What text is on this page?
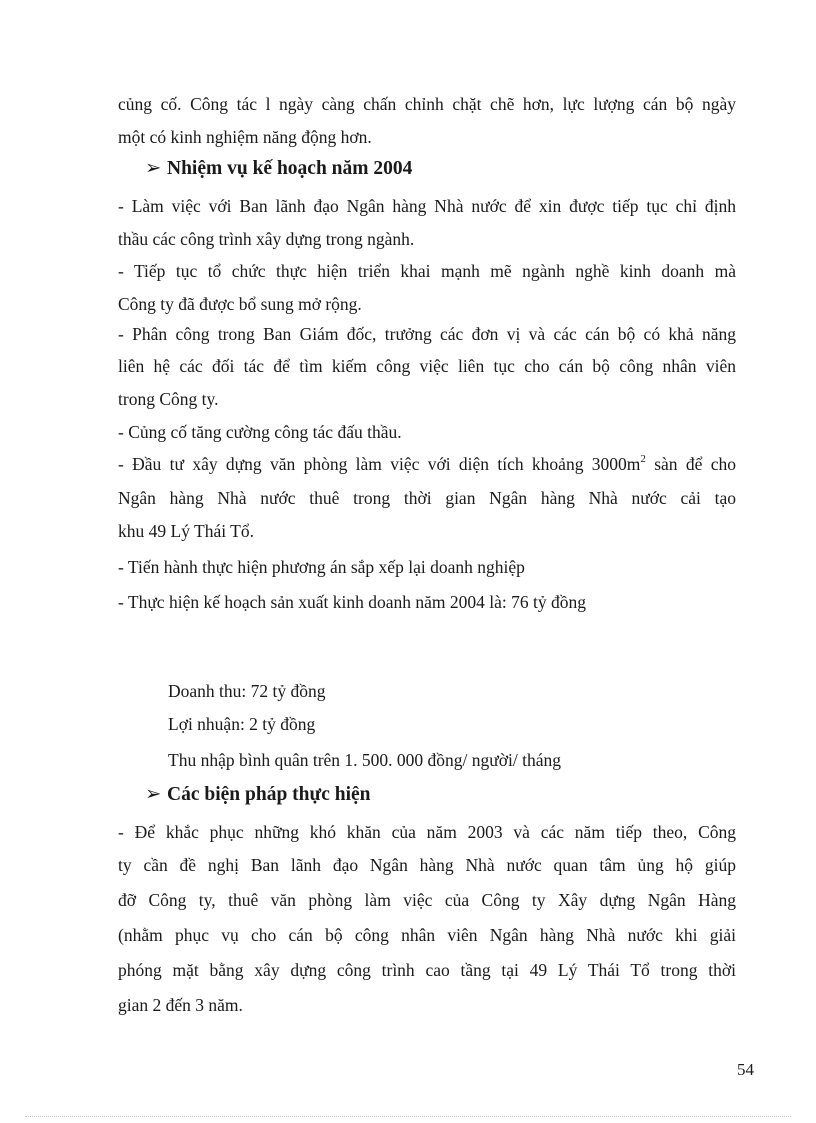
củng cố. Công tác l ngày càng chấn chỉnh chặt chẽ hơn, lực lượng cán bộ ngày
một có kinh nghiệm năng động hơn.
➢ Nhiệm vụ kế hoạch năm 2004
- Làm việc với Ban lãnh đạo Ngân hàng Nhà nước để xin được tiếp tục chỉ định
thầu các công trình xây dựng trong ngành.
- Tiếp tục tổ chức thực hiện triển khai mạnh mẽ ngành nghề kinh doanh mà
Công ty đã được bổ sung mở rộng.
- Phân công trong Ban Giám đốc, trưởng các đơn vị và các cán bộ có khả năng
liên hệ các đối tác để tìm kiếm công việc liên tục cho cán bộ công nhân viên
trong Công ty.
- Củng cố tăng cường công tác đấu thầu.
- Đầu tư xây dựng văn phòng làm việc với diện tích khoảng $3000m^2$ sàn để cho
Ngân hàng Nhà nước thuê trong thời gian Ngân hàng Nhà nước cải tạo
khu 49 Lý Thái Tổ.
- Tiến hành thực hiện phương án sắp xếp lại doanh nghiệp
- Thực hiện kế hoạch sản xuất kinh doanh năm 2004 là: 76 tỷ đồng
Doanh thu: 72 tỷ đồng
Lợi nhuận: 2 tỷ đồng
Thu nhập bình quân trên 1. 500. 000 đồng/ người/ tháng
➢ Các biện pháp thực hiện
- Để khắc phục những khó khăn của năm 2003 và các năm tiếp theo, Công
ty cần đề nghị Ban lãnh đạo Ngân hàng Nhà nước quan tâm ủng hộ giúp
đỡ Công ty, thuê văn phòng làm việc của Công ty Xây dựng Ngân Hàng
(nhằm phục vụ cho cán bộ công nhân viên Ngân hàng Nhà nước khi giải
phóng mặt bằng xây dựng công trình cao tầng tại 49 Lý Thái Tổ trong thời
gian 2 đến 3 năm.
54
